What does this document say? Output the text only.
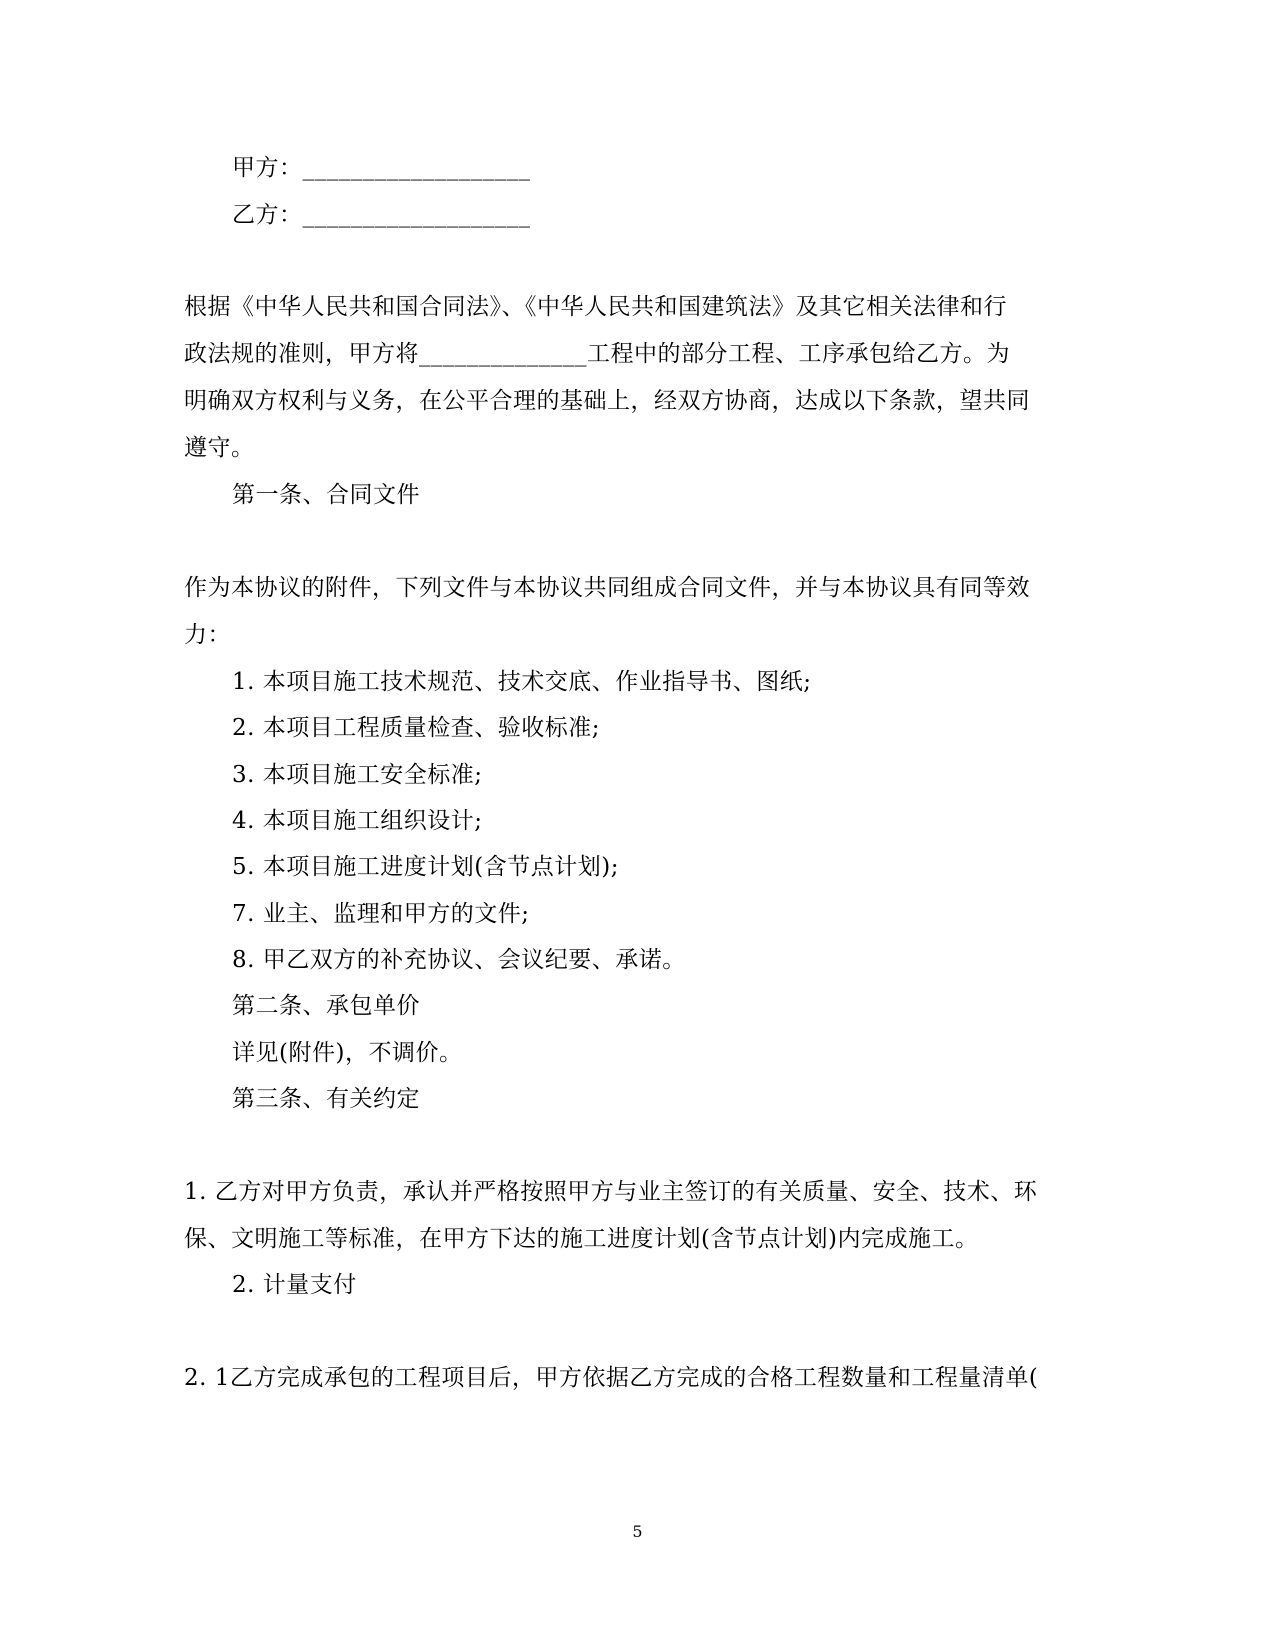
甲方：___________________
乙方：___________________
根据《中华人民共和国合同法》、《中华人民共和国建筑法》及其它相关法律和行
政法规的准则，甲方将______________工程中的部分工程、工序承包给乙方。为
明确双方权利与义务，在公平合理的基础上，经双方协商，达成以下条款，望共同
遵守。
第一条、合同文件
作为本协议的附件，下列文件与本协议共同组成合同文件，并与本协议具有同等效
力：
1. 本项目施工技术规范、技术交底、作业指导书、图纸;
2. 本项目工程质量检查、验收标准;
3. 本项目施工安全标准;
4. 本项目施工组织设计;
5. 本项目施工进度计划(含节点计划);
7. 业主、监理和甲方的文件;
8. 甲乙双方的补充协议、会议纪要、承诺。
第二条、承包单价
详见(附件)，不调价。
第三条、有关约定
1. 乙方对甲方负责，承认并严格按照甲方与业主签订的有关质量、安全、技术、环
保、文明施工等标准，在甲方下达的施工进度计划(含节点计划)内完成施工。
2. 计量支付
2. 1乙方完成承包的工程项目后，甲方依据乙方完成的合格工程数量和工程量清单(
5
